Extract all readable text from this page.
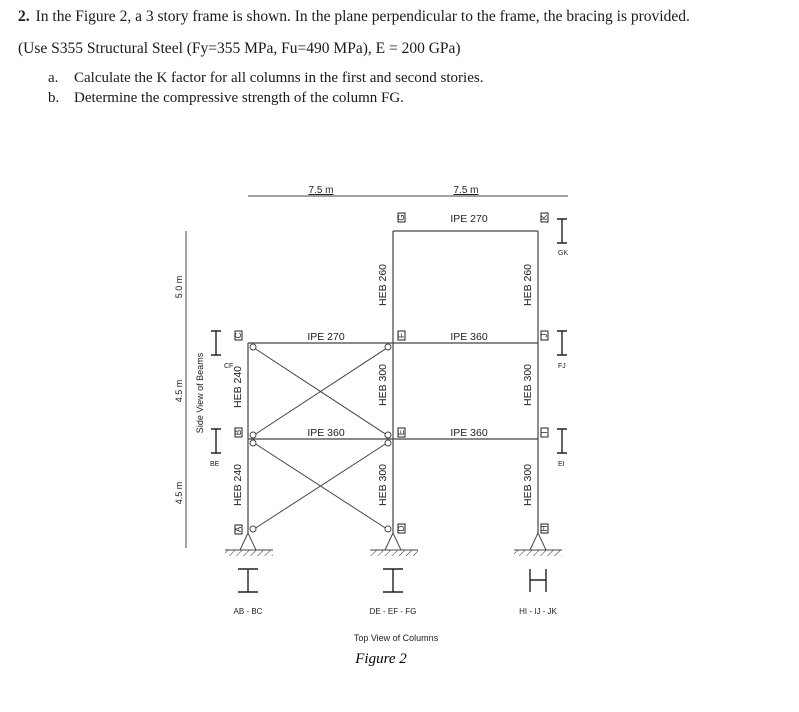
2. In the Figure 2, a 3 story frame is shown. In the plane perpendicular to the frame, the bracing is provided.
(Use S355 Structural Steel (Fy=355 MPa, Fu=490 MPa), E = 200 GPa)
a. Calculate the K factor for all columns in the first and second stories.
b. Determine the compressive strength of the column FG.
A
B
C
D
E
F
G
H
I
J
K
7.5 m	7.5 m
5.0 m
4.5 m
4.5 m
Side View of Beams
IPE 270
IPE 360
IPE 270
IPE 360
IPE 360
HEB 240
HEB 240
HEB 260
HEB 300
HEB 300
HEB 260
HEB 300
HEB 300
CF
BE
GK
FJ
EI
AB - BC	DE - EF - FG	HI - IJ - JK
Top View of Columns
Figure 2
